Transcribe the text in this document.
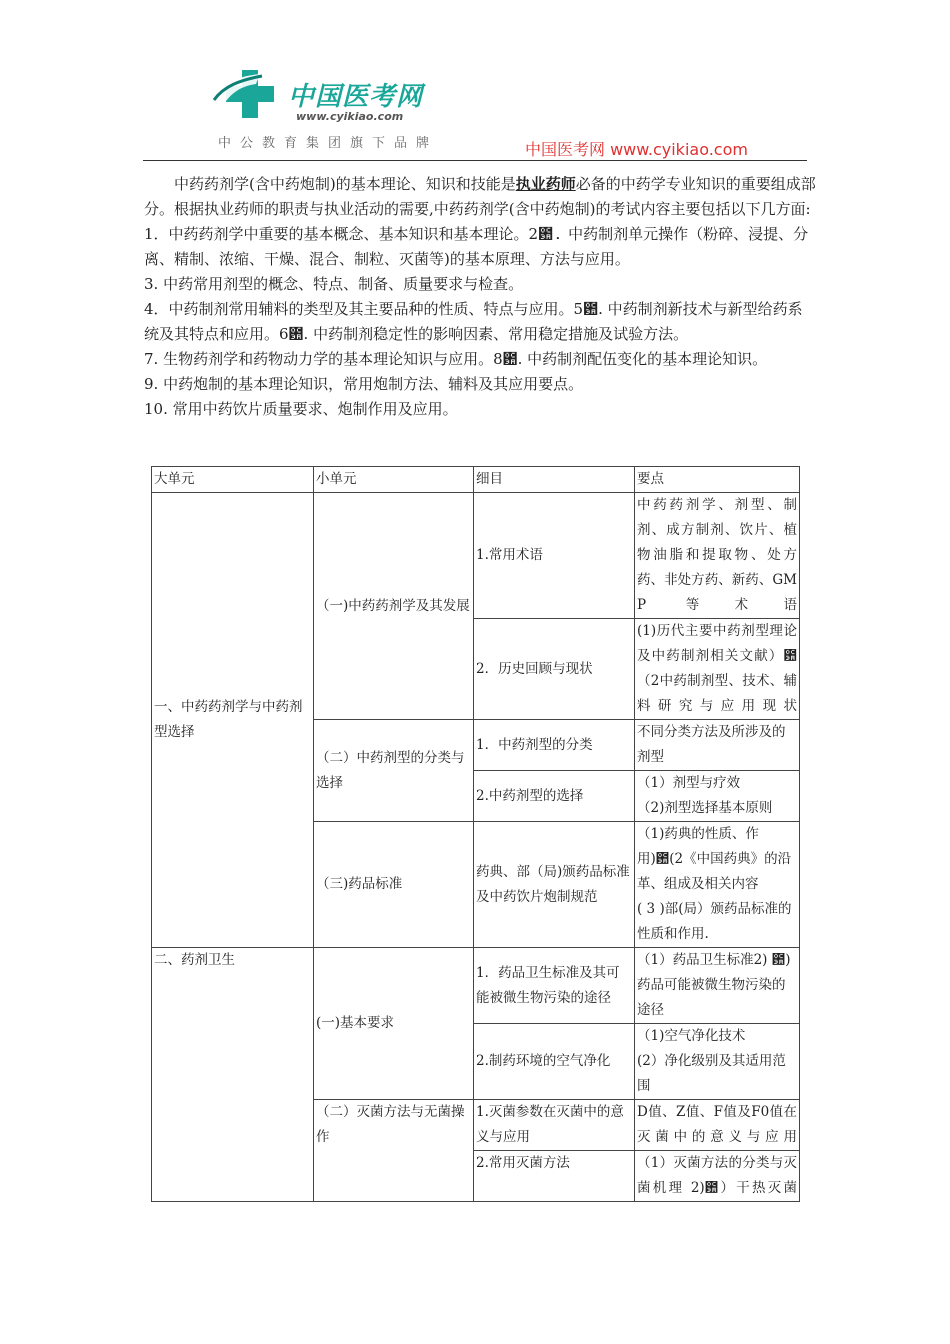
中国医考网
www.cyikiao.com
中公教育集团旗下品牌	中国医考网 www.cyikiao.com

中药药剂学(含中药炮制)的基本理论、知识和技能是执业药师必备的中药学专业知识的重要组成部分。根据执业药师的职责与执业活动的需要,中药药剂学(含中药炮制)的考试内容主要包括以下几方面:

1．中药药剂学中重要的基本概念、基本知识和基本理论。2఺．中药制剂单元操作（粉碎、浸提、分离、精制、浓缩、干燥、混合、制粒、灭菌等)的基本原理、方法与应用。

3. 中药常用剂型的概念、特点、制备、质量要求与检查。

4．中药制剂常用辅料的类型及其主要品种的性质、特点与应用。5఺. 中药制剂新技术与新型给药系统及其特点和应用。6఺. 中药制剂稳定性的影响因素、常用稳定措施及试验方法。

7. 生物药剂学和药物动力学的基本理论知识与应用。8఺. 中药制剂配伍变化的基本理论知识。

9. 中药炮制的基本理论知识，常用炮制方法、辅料及其应用要点。

10. 常用中药饮片质量要求、炮制作用及应用。

大单元	小单元	细目	要点
一、中药药剂学与中药剂型选择	（一)中药药剂学及其发展	1.常用术语	中药药剂学、剂型、制剂、成方制剂、饮片、植物油脂和提取物、处方药、非处方药、新药、GMP 等术语
		2．历史回顾与现状	(1)历代主要中药剂型理论及中药制剂相关文献）఺（2中药制剂型、技术、辅料研究与应用现状
	（二）中药剂型的分类与选择	1．中药剂型的分类	不同分类方法及所涉及的剂型
		2.中药剂型的选择	（1）剂型与疗效
（2)剂型选择基本原则
	（三)药品标准	药典、部（局)颁药品标准及中药饮片炮制规范	（1)药典的性质、作用)఺(2《中国药典》的沿革、组成及相关内容
( 3 )部(局）颁药品标准的性质和作用.
二、药剂卫生	(一)基本要求	1．药品卫生标准及其可能被微生物污染的途径	（1）药品卫生标准2) ఺)药品可能被微生物污染的途径
		2.制药环境的空气净化	（1)空气净化技术
(2）净化级别及其适用范围
	（二）灭菌方法与无菌操作	1.灭菌参数在灭菌中的意义与应用	D值、Z值、F值及F0值在灭菌中的意义与应用
		2.常用灭菌方法	（1）灭菌方法的分类与灭菌机理 2)఺）干热灭菌
